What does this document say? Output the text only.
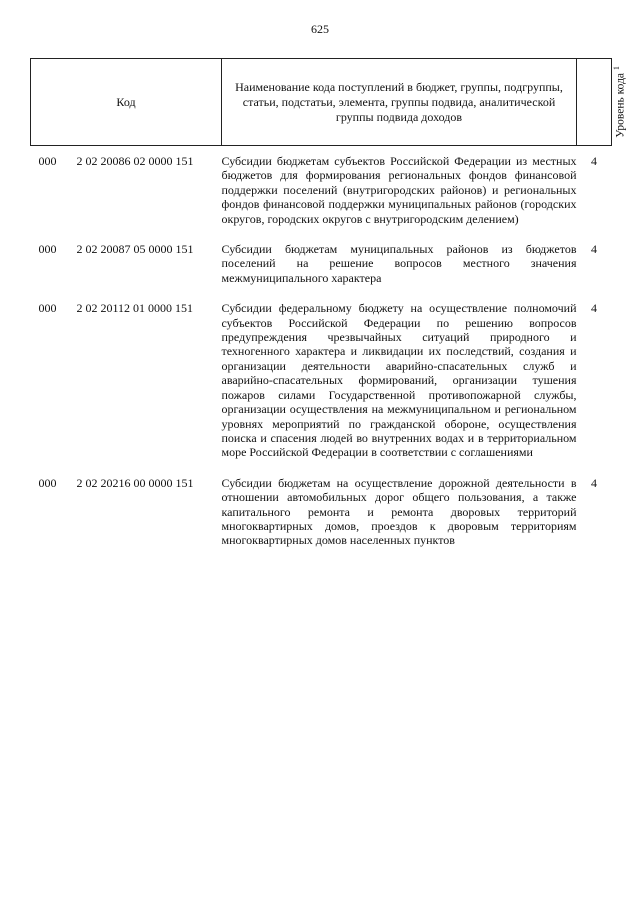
625
Код	Наименование кода поступлений в бюджет, группы, подгруппы, статьи, подстатьи, элемента, группы подвида, аналитической группы подвида доходов	Уровень кода $^1$
000 2 02 20086 02 0000 151	Субсидии бюджетам субъектов Российской Федерации из местных бюджетов для формирования региональных фондов финансовой поддержки поселений (внутригородских районов) и региональных фондов финансовой поддержки муниципальных районов (городских округов, городских округов с внутригородским делением)	4
000 2 02 20087 05 0000 151	Субсидии бюджетам муниципальных районов из бюджетов поселений на решение вопросов местного значения межмуниципального характера	4
000 2 02 20112 01 0000 151	Субсидии федеральному бюджету на осуществление полномочий субъектов Российской Федерации по решению вопросов предупреждения чрезвычайных ситуаций природного и техногенного характера и ликвидации их последствий, создания и организации деятельности аварийно-спасательных служб и аварийно-спасательных формирований, организации тушения пожаров силами Государственной противопожарной службы, организации осуществления на межмуниципальном и региональном уровнях мероприятий по гражданской обороне, осуществления поиска и спасения людей во внутренних водах и в территориальном море Российской Федерации в соответствии с соглашениями	4
000 2 02 20216 00 0000 151	Субсидии бюджетам на осуществление дорожной деятельности в отношении автомобильных дорог общего пользования, а также капитального ремонта и ремонта дворовых территорий многоквартирных домов, проездов к дворовым территориям многоквартирных домов населенных пунктов	4
